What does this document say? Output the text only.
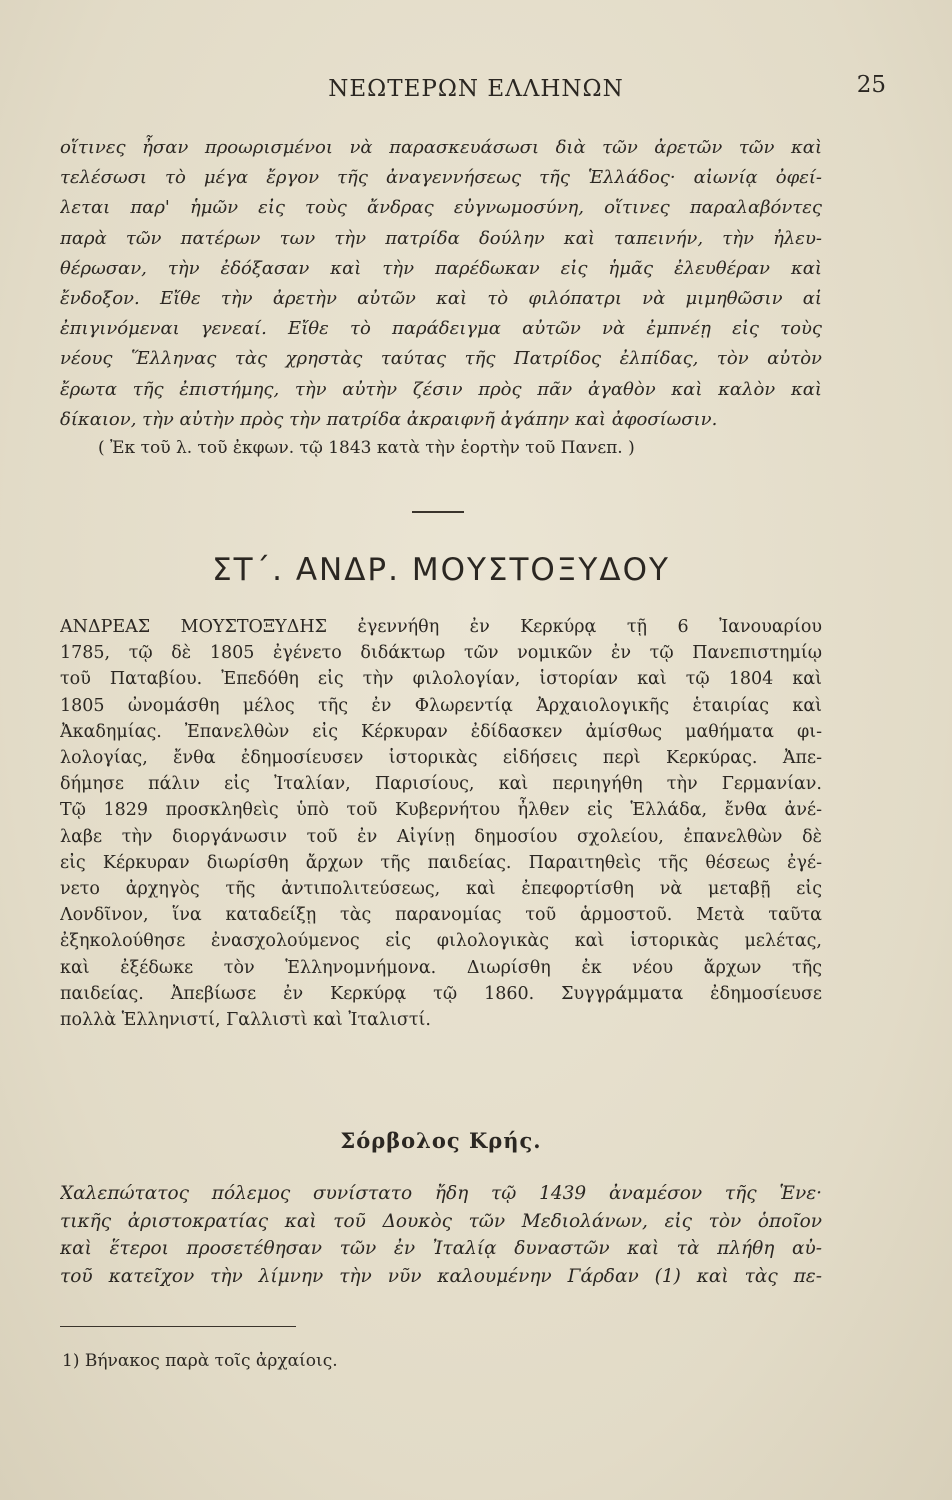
ΝΕΩΤΕΡΩΝ ΕΛΛΗΝΩΝ	25
οἵτινες ἦσαν προωρισμένοι νὰ παρασκευάσωσι διὰ τῶν ἀρετῶν τῶν καὶ
τελέσωσι τὸ μέγα ἔργον τῆς ἀναγεννήσεως τῆς Ἑλλάδος· αἰωνίᾳ ὀφεί-
λεται παρ' ἡμῶν εἰς τοὺς ἄνδρας εὐγνωμοσύνη, οἵτινες παραλαβόντες
παρὰ τῶν πατέρων των τὴν πατρίδα δούλην καὶ ταπεινήν, τὴν ἠλευ-
θέρωσαν, τὴν ἐδόξασαν καὶ τὴν παρέδωκαν εἰς ἡμᾶς ἐλευθέραν καὶ
ἔνδοξον. Εἴθε τὴν ἀρετὴν αὐτῶν καὶ τὸ φιλόπατρι νὰ μιμηθῶσιν αἱ
ἐπιγινόμεναι γενεαί. Εἴθε τὸ παράδειγμα αὐτῶν νὰ ἐμπνέῃ εἰς τοὺς
νέους Ἕλληνας τὰς χρηστὰς ταύτας τῆς Πατρίδος ἐλπίδας, τὸν αὐτὸν
ἔρωτα τῆς ἐπιστήμης, τὴν αὐτὴν ζέσιν πρὸς πᾶν ἀγαθὸν καὶ καλὸν καὶ
δίκαιον, τὴν αὐτὴν πρὸς τὴν πατρίδα ἀκραιφνῆ ἀγάπην καὶ ἀφοσίωσιν.
( Ἐκ τοῦ λ. τοῦ ἐκφων. τῷ 1843 κατὰ τὴν ἑορτὴν τοῦ Πανεπ. )
ΣΤ΄. ΑΝΔΡ. ΜΟΥΣΤΟΞΥΔΟΥ
ΑΝΔΡΕΑΣ ΜΟΥΣΤΟΞΥΔΗΣ ἐγεννήθη ἐν Κερκύρᾳ τῇ 6 Ἰανουαρίου
1785, τῷ δὲ 1805 ἐγένετο διδάκτωρ τῶν νομικῶν ἐν τῷ Πανεπιστημίῳ
τοῦ Παταβίου. Ἐπεδόθη εἰς τὴν φιλολογίαν, ἱστορίαν καὶ τῷ 1804 καὶ
1805 ὠνομάσθη μέλος τῆς ἐν Φλωρεντίᾳ Ἀρχαιολογικῆς ἑταιρίας καὶ
Ἀκαδημίας. Ἐπανελθὼν εἰς Κέρκυραν ἐδίδασκεν ἀμίσθως μαθήματα φι-
λολογίας, ἔνθα ἐδημοσίευσεν ἱστορικὰς εἰδήσεις περὶ Κερκύρας. Ἀπε-
δήμησε πάλιν εἰς Ἰταλίαν, Παρισίους, καὶ περιηγήθη τὴν Γερμανίαν.
Τῷ 1829 προσκληθεὶς ὑπὸ τοῦ Κυβερνήτου ἦλθεν εἰς Ἑλλάδα, ἔνθα ἀνέ-
λαβε τὴν διοργάνωσιν τοῦ ἐν Αἰγίνῃ δημοσίου σχολείου, ἐπανελθὼν δὲ
εἰς Κέρκυραν διωρίσθη ἄρχων τῆς παιδείας. Παραιτηθεὶς τῆς θέσεως ἐγέ-
νετο ἀρχηγὸς τῆς ἀντιπολιτεύσεως, καὶ ἐπεφορτίσθη νὰ μεταβῇ εἰς
Λονδῖνον, ἵνα καταδείξῃ τὰς παρανομίας τοῦ ἁρμοστοῦ. Μετὰ ταῦτα
ἐξηκολούθησε ἐνασχολούμενος εἰς φιλολογικὰς καὶ ἱστορικὰς μελέτας,
καὶ ἐξέδωκε τὸν Ἑλληνομνήμονα. Διωρίσθη ἐκ νέου ἄρχων τῆς
παιδείας. Ἀπεβίωσε ἐν Κερκύρᾳ τῷ 1860. Συγγράμματα ἐδημοσίευσε
πολλὰ Ἑλληνιστί, Γαλλιστὶ καὶ Ἰταλιστί.
Σόρβολος Κρής.
Χαλεπώτατος πόλεμος συνίστατο ἤδη τῷ 1439 ἀναμέσον τῆς Ἑνε·
τικῆς ἀριστοκρατίας καὶ τοῦ Δουκὸς τῶν Μεδιολάνων, εἰς τὸν ὁποῖον
καὶ ἕτεροι προσετέθησαν τῶν ἐν Ἰταλίᾳ δυναστῶν καὶ τὰ πλήθη αὐ-
τοῦ κατεῖχον τὴν λίμνην τὴν νῦν καλουμένην Γάρδαν (1) καὶ τὰς πε-
1) Βήνακος παρὰ τοῖς ἀρχαίοις.
